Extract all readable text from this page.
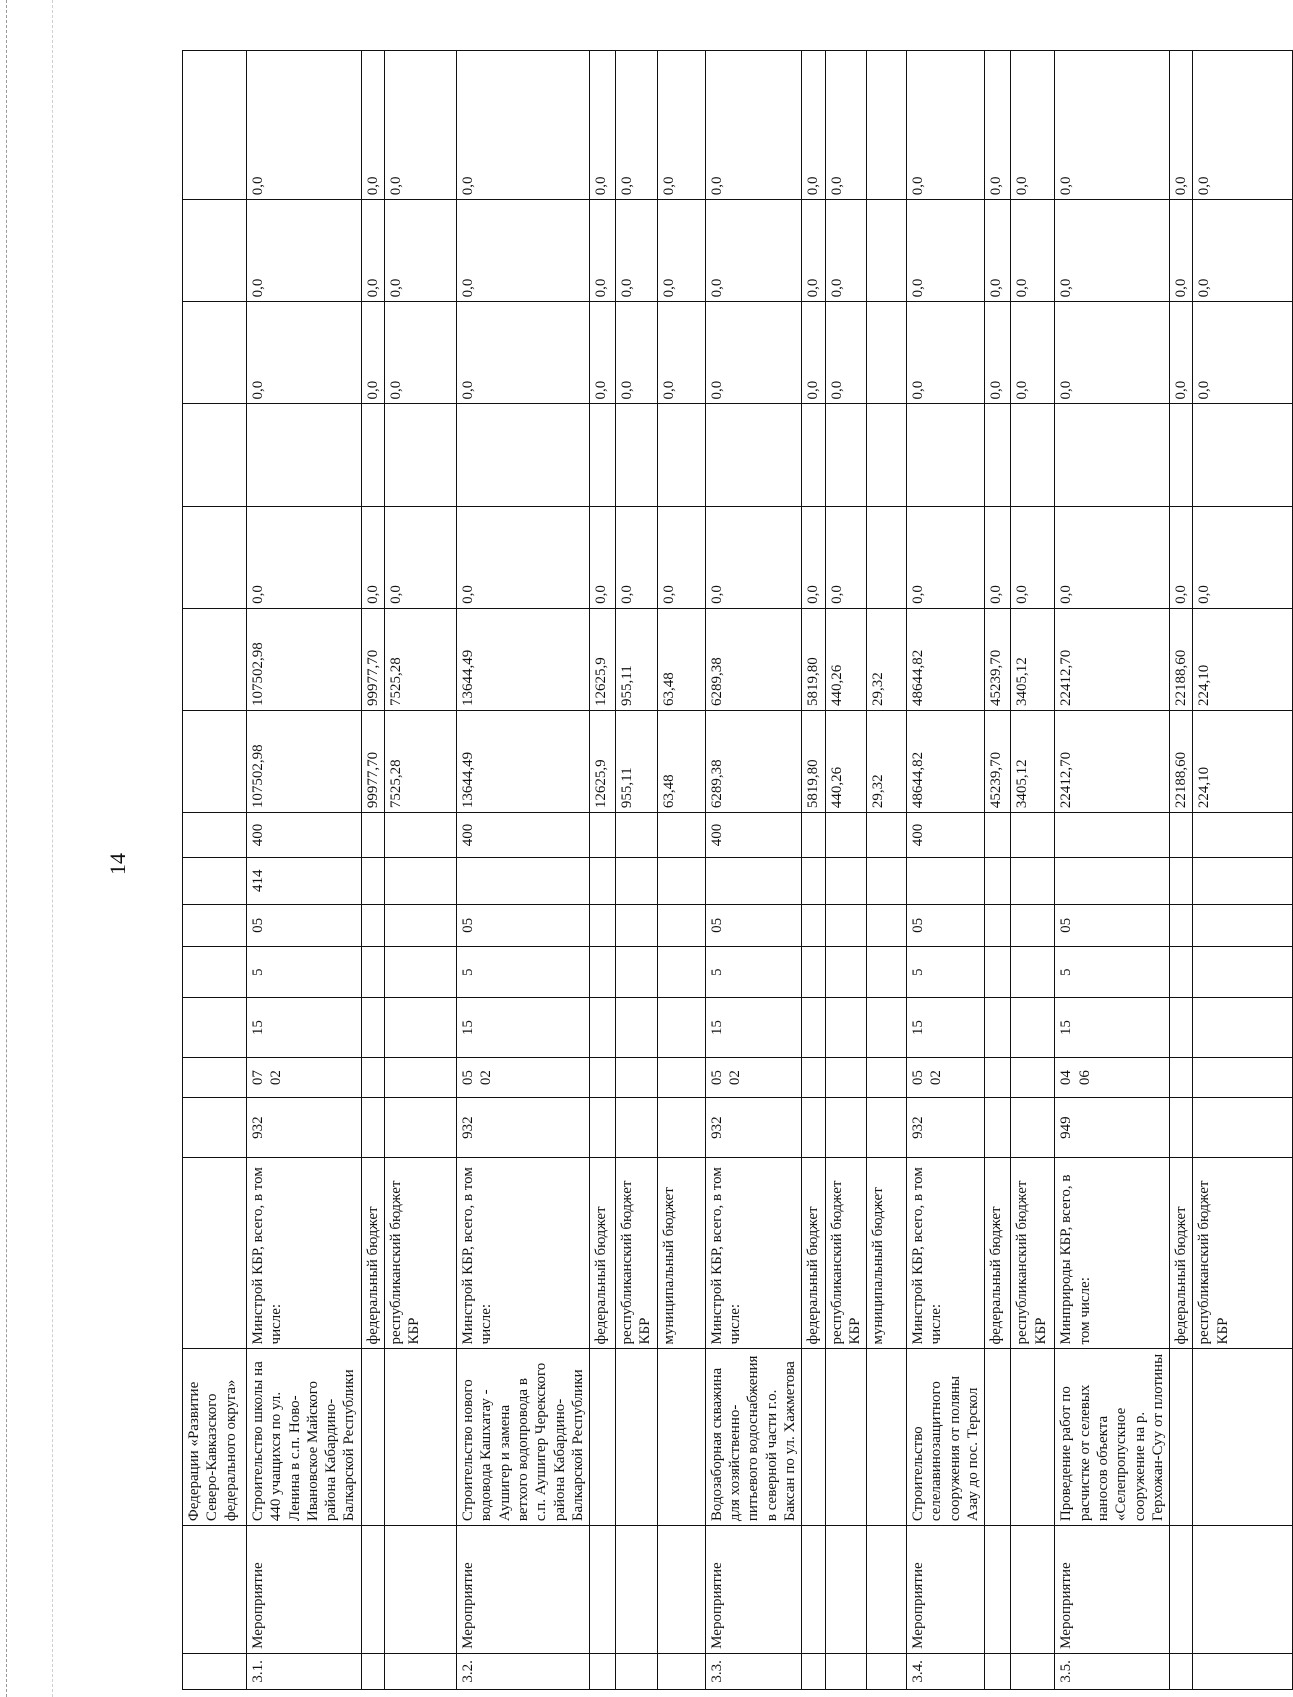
14
		Федерации «Развитие Северо-Кавказского федерального округа»															
3.1.	Мероприятие	Строительство школы на 440 учащихся по ул. Ленина в с.п. Ново-Ивановское Майского района Кабардино-Балкарской Республики	Минстрой КБР, всего, в том числе:	932	07 02	15	5	05	414	400	107502,98	107502,98	0,0		0,0	0,0	0,0
			федеральный бюджет								99977,70	99977,70	0,0		0,0	0,0	0,0
			республиканский бюджет КБР								7525,28	7525,28	0,0		0,0	0,0	0,0
3.2.	Мероприятие	Строительство нового водовода Кашхатау - Аушигер и замена ветхого водопровода в с.п. Аушигер Черекского района Кабардино-Балкарской Республики	Минстрой КБР, всего, в том числе:	932	05 02	15	5	05		400	13644,49	13644,49	0,0		0,0	0,0	0,0
			федеральный бюджет								12625,9	12625,9	0,0		0,0	0,0	0,0
			республиканский бюджет КБР								955,11	955,11	0,0		0,0	0,0	0,0
			муниципальный бюджет								63,48	63,48	0,0		0,0	0,0	0,0
3.3.	Мероприятие	Водозаборная скважина для хозяйственно-питьевого водоснабжения в северной части г.о. Баксан по ул. Хажметова	Минстрой КБР, всего, в том числе:	932	05 02	15	5	05		400	6289,38	6289,38	0,0		0,0	0,0	0,0
			федеральный бюджет								5819,80	5819,80	0,0		0,0	0,0	0,0
			республиканский бюджет КБР								440,26	440,26	0,0		0,0	0,0	0,0
			муниципальный бюджет								29,32	29,32					
3.4.	Мероприятие	Строительство селелавинозащитного сооружения от поляны Азау до пос. Терскол	Минстрой КБР, всего, в том числе:	932	05 02	15	5	05		400	48644,82	48644,82	0,0		0,0	0,0	0,0
			федеральный бюджет								45239,70	45239,70	0,0		0,0	0,0	0,0
			республиканский бюджет КБР								3405,12	3405,12	0,0		0,0	0,0	0,0
3.5.	Мероприятие	Проведение работ по расчистке от селевых наносов объекта «Селепропускное сооружение на р. Герхожан-Суу от плотины	Минприроды КБР, всего, в том числе:	949	04 06	15	5	05			22412,70	22412,70	0,0		0,0	0,0	0,0
			федеральный бюджет								22188,60	22188,60	0,0		0,0	0,0	0,0
			республиканский бюджет КБР								224,10	224,10	0,0		0,0	0,0	0,0
